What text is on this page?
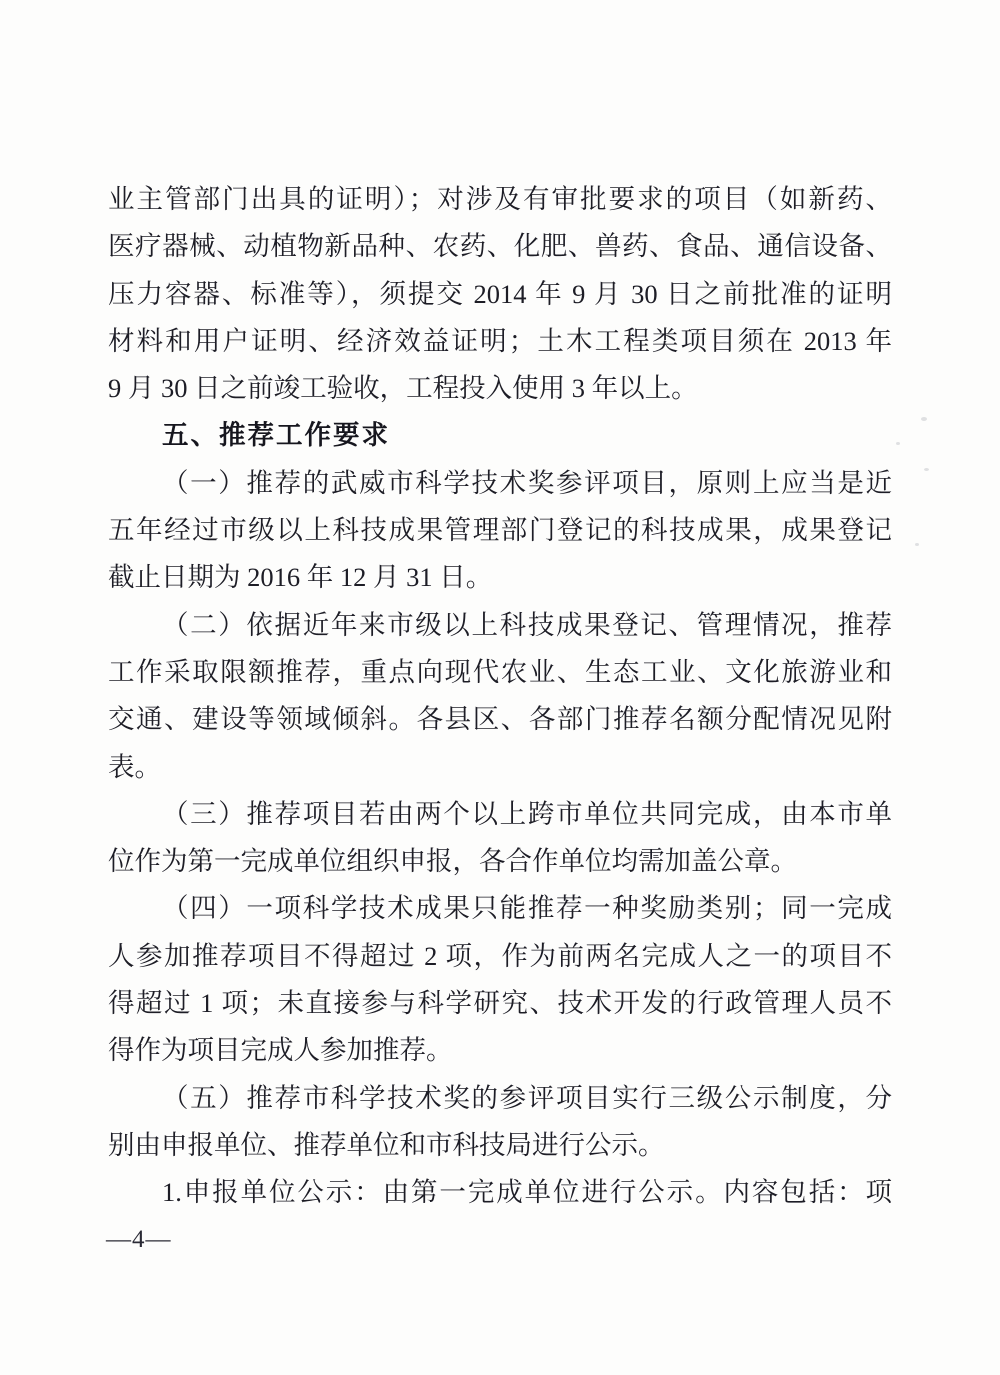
业主管部门出具的证明）；对涉及有审批要求的项目（如新药、
医疗器械、动植物新品种、农药、化肥、兽药、食品、通信设备、
压力容器、标准等），须提交 2014 年 9 月 30 日之前批准的证明
材料和用户证明、经济效益证明；土木工程类项目须在 2013 年
9 月 30 日之前竣工验收，工程投入使用 3 年以上。
五、推荐工作要求
（一）推荐的武威市科学技术奖参评项目，原则上应当是近
五年经过市级以上科技成果管理部门登记的科技成果，成果登记
截止日期为 2016 年 12 月 31 日。
（二）依据近年来市级以上科技成果登记、管理情况，推荐
工作采取限额推荐，重点向现代农业、生态工业、文化旅游业和
交通、建设等领域倾斜。各县区、各部门推荐名额分配情况见附
表。
（三）推荐项目若由两个以上跨市单位共同完成，由本市单
位作为第一完成单位组织申报，各合作单位均需加盖公章。
（四）一项科学技术成果只能推荐一种奖励类别；同一完成
人参加推荐项目不得超过 2 项，作为前两名完成人之一的项目不
得超过 1 项；未直接参与科学研究、技术开发的行政管理人员不
得作为项目完成人参加推荐。
（五）推荐市科学技术奖的参评项目实行三级公示制度，分
别由申报单位、推荐单位和市科技局进行公示。
1.申报单位公示：由第一完成单位进行公示。内容包括：项
—4—
